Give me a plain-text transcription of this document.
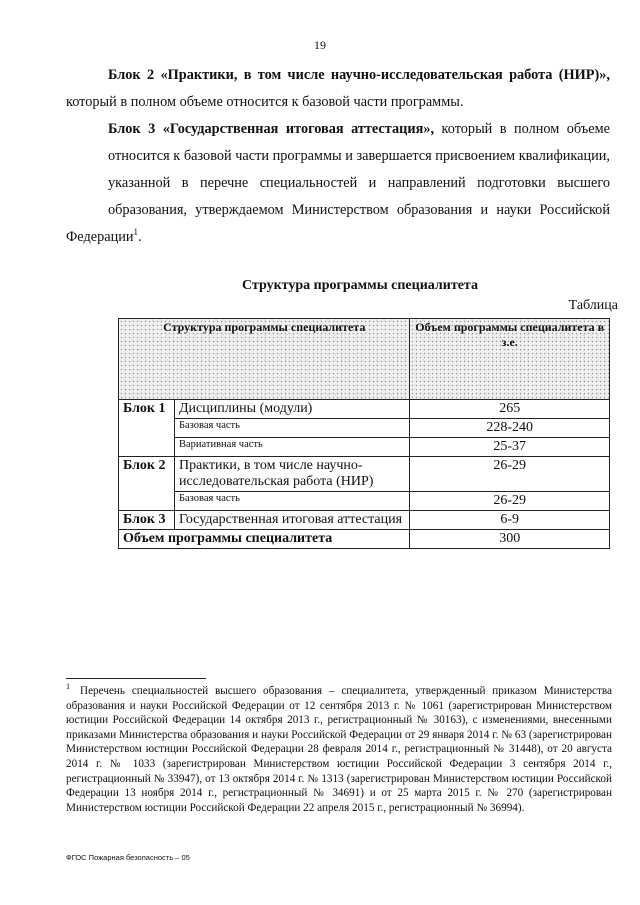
19
Блок 2 «Практики, в том числе научно-исследовательская работа (НИР)», который в полном объеме относится к базовой части программы.
Блок 3 «Государственная итоговая аттестация», который в полном объеме
относится к базовой части программы и завершается присвоением квалификации,
указанной в перечне специальностей и направлений подготовки высшего
образования, утверждаемом Министерством образования и науки Российской
Федерации$^1$.
Структура программы специалитета
Таблица
Структура программы специалитета		Объем программы специалитета в з.е.
Блок 1	Дисциплины (модули)	265
	Базовая часть	228-240
	Вариативная часть	25-37
Блок 2	Практики, в том числе научно-исследовательская работа (НИР)	26-29
	Базовая часть	26-29
Блок 3	Государственная итоговая аттестация	6-9
Объем программы специалитета		300
$^1$ Перечень специальностей высшего образования – специалитета, утвержденный приказом Министерства образования и науки Российской Федерации от 12 сентября 2013 г. № 1061 (зарегистрирован Министерством юстиции Российской Федерации 14 октября 2013 г., регистрационный № 30163), с изменениями, внесенными приказами Министерства образования и науки Российской Федерации от 29 января 2014 г. № 63 (зарегистрирован Министерством юстиции Российской Федерации 28 февраля 2014 г., регистрационный № 31448), от 20 августа 2014 г. № 1033 (зарегистрирован Министерством юстиции Российской Федерации 3 сентября 2014 г., регистрационный № 33947), от 13 октября 2014 г. № 1313 (зарегистрирован Министерством юстиции Российской Федерации 13 ноября 2014 г., регистрационный № 34691) и от 25 марта 2015 г. № 270 (зарегистрирован Министерством юстиции Российской Федерации 22 апреля 2015 г., регистрационный № 36994).
ФГОС Пожарная безопасность – 05
